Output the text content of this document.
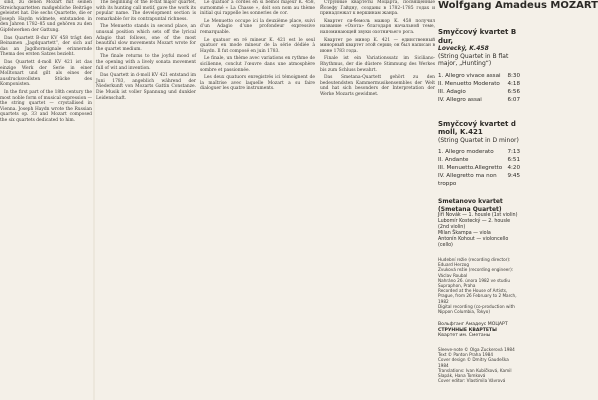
sind, zu denen Mozart mit seinen Streichquartetten maßgebliche Beiträge geleistet hat. Die sechs Quartette, die er Joseph Haydn widmete, entstanden in den Jahren 1782–85 und gehören zu den Gipfelwerken der Gattung.

Das Quartett B-dur KV 458 trägt den Beinamen „Jagdquartett“, der sich auf das an Jagdhornsignale erinnernde Thema des ersten Satzes bezieht.

Das Quartett d-moll KV 421 ist das einzige Werk der Serie in einer Molltonart und gilt als eines der ausdrucksvollsten Stücke des Komponisten.

In the first part of the 18th century the most noble form of musical expression — the string quartet — crystallised in Vienna. Joseph Haydn wrote the Russian quartets op. 33 and Mozart composed the six quartets dedicated to him.

The beginning of the B-flat major quartet, with its hunting call motif, gave the work its popular name. The development section is remarkable for its contrapuntal richness.

The Menuetto stands in second place, an unusual position which sets off the lyrical Adagio that follows, one of the most beautiful slow movements Mozart wrote for the quartet medium.

The finale returns to the joyful mood of the opening with a lively sonata movement full of wit and invention.

Das Quartett in d-moll KV 421 entstand im Juni 1783, angeblich während der Niederkunft von Mozarts Gattin Constanze. Die Musik ist voller Spannung und dunkler Leidenschaft.

Le quatuor à cordes en si bémol majeur K. 458, surnommé « La Chasse », doit son nom au thème initial qui rappelle les sonneries de cor.

Le Menuetto occupe ici la deuxième place, suivi d’un Adagio d’une profondeur expressive remarquable.

Le quatuor en ré mineur K. 421 est le seul quatuor en mode mineur de la série dédiée à Haydn. Il fut composé en juin 1783.

Le finale, un thème avec variations en rythme de sicilienne, conclut l’œuvre dans une atmosphère sombre et passionnée.

Les deux quatuors enregistrés ici témoignent de la maîtrise avec laquelle Mozart a su faire dialoguer les quatre instruments.

Струнные квартеты Моцарта, посвящённые Йозефу Гайдну, созданы в 1782–1785 годах и принадлежат к вершинам жанра.

Квартет си-бемоль мажор K. 458 получил название «Охота» благодаря начальной теме, напоминающей звуки охотничьего рога.

Квартет ре минор K. 421 — единственный минорный квартет этой серии; он был написан в июне 1783 года.

Finale ist ein Variationssatz im Siciliano-Rhythmus, der die düstere Stimmung des Werkes bis zum Schluss bewahrt.

Das Smetana-Quartett gehört zu den bedeutendsten Kammermusikensembles der Welt und hat sich besonders der Interpretation der Werke Mozarts gewidmet.

Wolfgang Amadeus MOZART
Smyčcový kvartet B dur,
Lovecký, K.458
(String Quartet in B flat major, „Hunting“)
1. Allegro vivace assai 8:30
II. Menuetto Moderato 4:18
III. Adagio	6:56
IV. Allegro assai	6:07
Smyčcový kvartet d moll, K.421
(String Quartet in D minor)
1. Allegro moderato 7:13
II. Andante	6:51
III. Menuetto.Allegretto 4:20
IV. Allegretto ma non troppo
9:45
Smetanovo kvartet (Smetana Quartet)
Jiří Novák — 1. housle (1st violin)
Lubomír Kostecký — 2. housle (2nd violin)
Milan Škampa — viola
Antonín Kohout — violoncello (cello)
Hudební režie (recording director): Eduard Herzog
Zvuková režie (recording engineer): Václav Roubal
Nahráno 26. února 1982 ve studiu Supraphon, Praha
Recorded at the House of Artists, Prague, from 26 February to 2 March, 1982
Digital recording (co-production with Nippon Columbia, Tokyo)
Вольфганг Амадеус МОЦАРТ
СТРУННЫЕ КВАРТЕТЫ
Квартет им. Сметаны
Sleeve-note © Olga Zuckerová 1984
Text © Panton Praha 1984
Cover design © Dmitry Gaudeška 1984
Translations: Ivan Kubíčková, Kamil Slapák, Hana Tomková
Cover editor: Vlastimila Vávrová
